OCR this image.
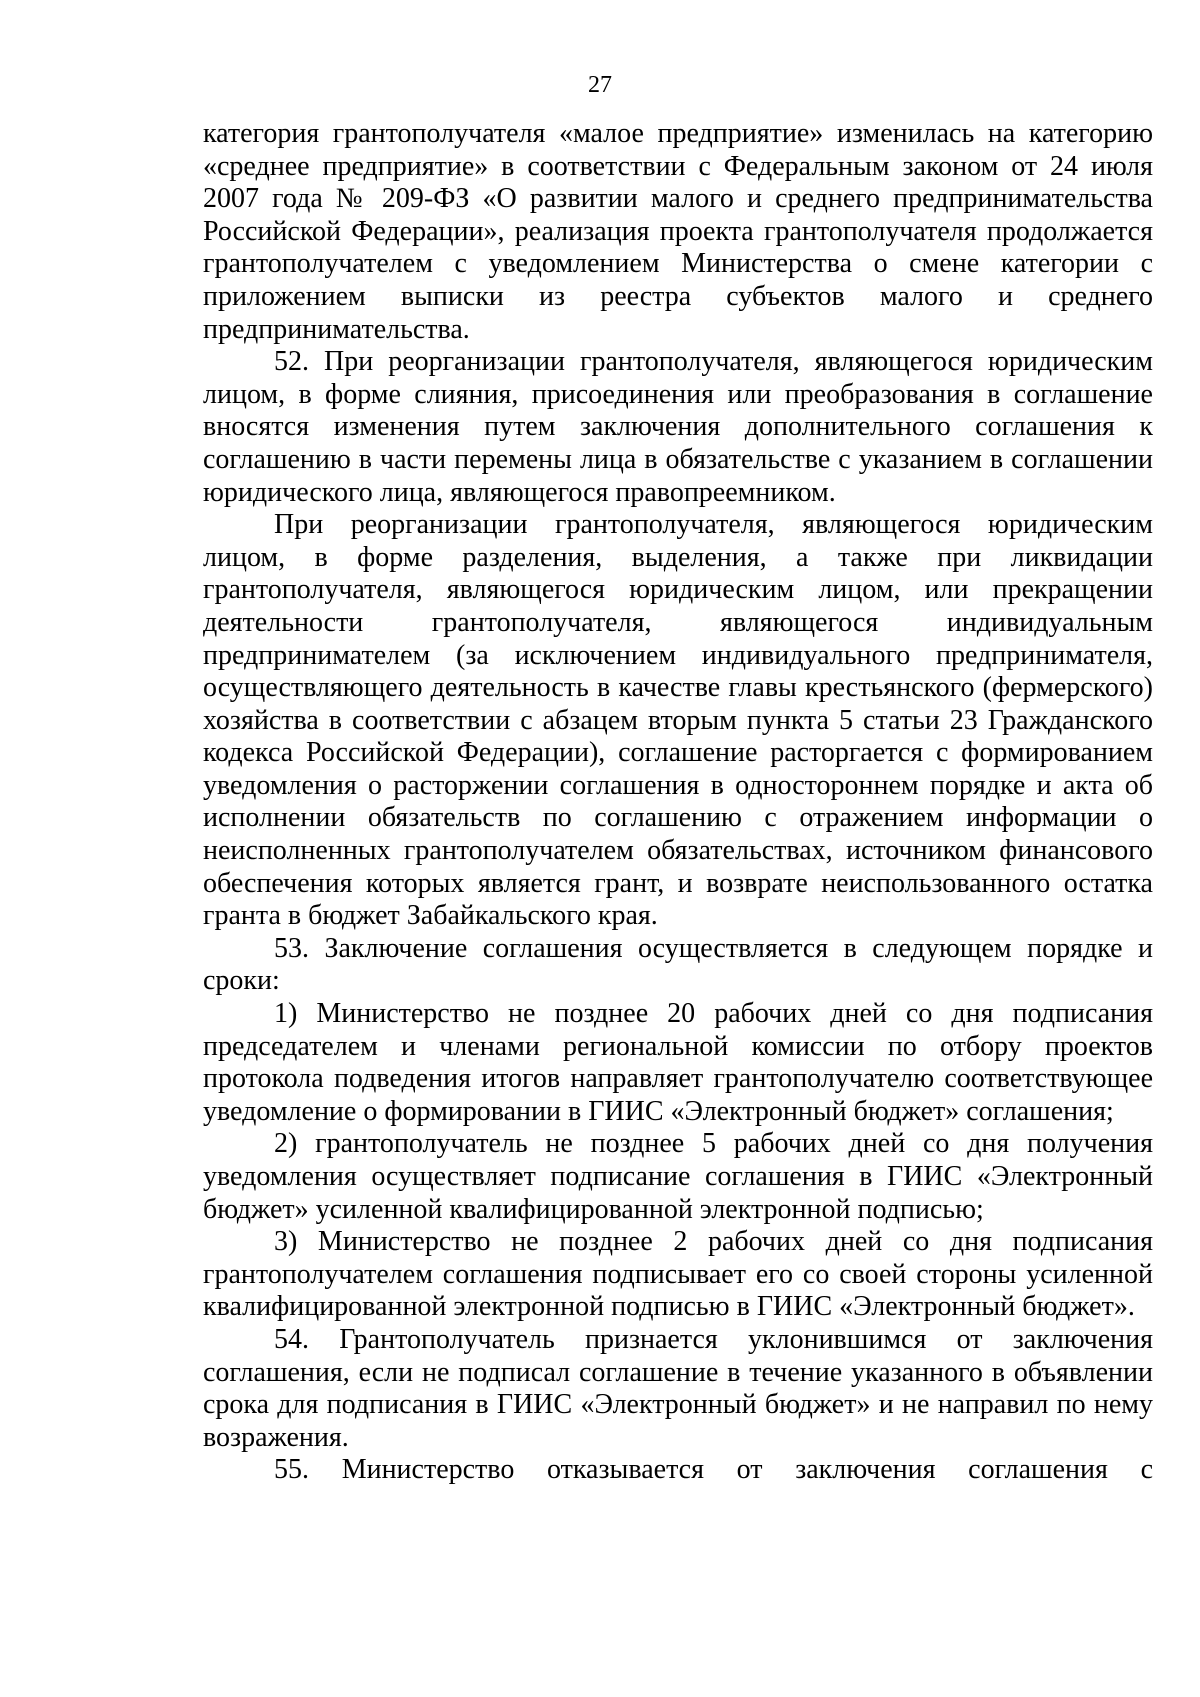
27

категория грантополучателя «малое предприятие» изменилась на категорию «среднее предприятие» в соответствии с Федеральным законом от 24 июля 2007 года № 209-ФЗ «О развитии малого и среднего предпринимательства Российской Федерации», реализация проекта грантополучателя продолжается грантополучателем с уведомлением Министерства о смене категории с приложением выписки из реестра субъектов малого и среднего предпринимательства.

52. При реорганизации грантополучателя, являющегося юридическим лицом, в форме слияния, присоединения или преобразования в соглашение вносятся изменения путем заключения дополнительного соглашения к соглашению в части перемены лица в обязательстве с указанием в соглашении юридического лица, являющегося правопреемником.

При реорганизации грантополучателя, являющегося юридическим лицом, в форме разделения, выделения, а также при ликвидации грантополучателя, являющегося юридическим лицом, или прекращении деятельности грантополучателя, являющегося индивидуальным предпринимателем (за исключением индивидуального предпринимателя, осуществляющего деятельность в качестве главы крестьянского (фермерского) хозяйства в соответствии с абзацем вторым пункта 5 статьи 23 Гражданского кодекса Российской Федерации), соглашение расторгается с формированием уведомления о расторжении соглашения в одностороннем порядке и акта об исполнении обязательств по соглашению с отражением информации о неисполненных грантополучателем обязательствах, источником финансового обеспечения которых является грант, и возврате неиспользованного остатка гранта в бюджет Забайкальского края.

53. Заключение соглашения осуществляется в следующем порядке и сроки:

1) Министерство не позднее 20 рабочих дней со дня подписания председателем и членами региональной комиссии по отбору проектов протокола подведения итогов направляет грантополучателю соответствующее уведомление о формировании в ГИИС «Электронный бюджет» соглашения;

2) грантополучатель не позднее 5 рабочих дней со дня получения уведомления осуществляет подписание соглашения в ГИИС «Электронный бюджет» усиленной квалифицированной электронной подписью;

3) Министерство не позднее 2 рабочих дней со дня подписания грантополучателем соглашения подписывает его со своей стороны усиленной квалифицированной электронной подписью в ГИИС «Электронный бюджет».

54. Грантополучатель признается уклонившимся от заключения соглашения, если не подписал соглашение в течение указанного в объявлении срока для подписания в ГИИС «Электронный бюджет» и не направил по нему возражения.

55. Министерство отказывается от заключения соглашения с
